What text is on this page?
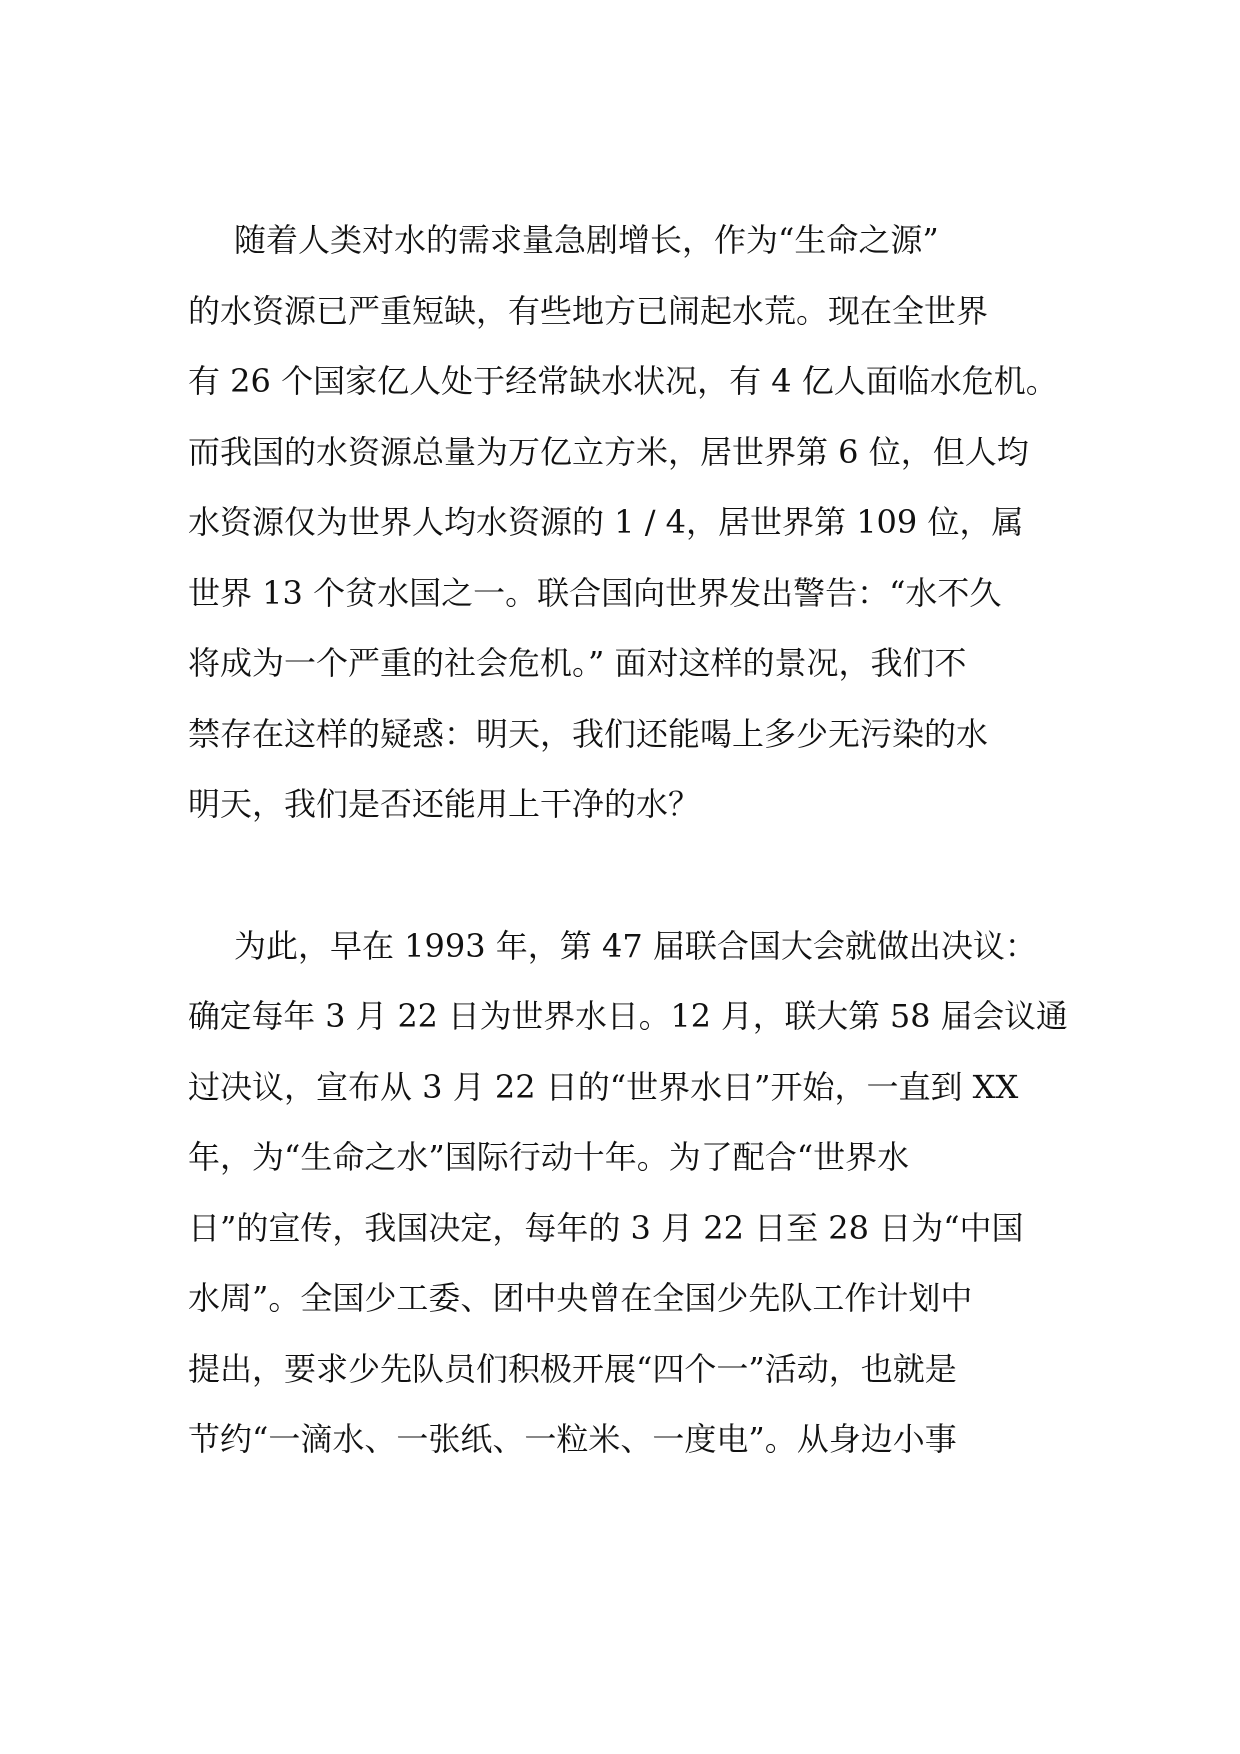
随着人类对水的需求量急剧增长，作为“生命之源”
的水资源已严重短缺，有些地方已闹起水荒。现在全世界
有 26 个国家亿人处于经常缺水状况，有 4 亿人面临水危机。
而我国的水资源总量为万亿立方米，居世界第 6 位，但人均
水资源仅为世界人均水资源的 1 / 4，居世界第 109 位，属
世界 13 个贫水国之一。联合国向世界发出警告：“水不久
将成为一个严重的社会危机。” 面对这样的景况，我们不
禁存在这样的疑惑：明天，我们还能喝上多少无污染的水
明天，我们是否还能用上干净的水？
为此，早在 1993 年，第 47 届联合国大会就做出决议：
确定每年 3 月 22 日为世界水日。12 月，联大第 58 届会议通
过决议，宣布从 3 月 22 日的“世界水日”开始，一直到 XX
年，为“生命之水”国际行动十年。为了配合“世界水
日”的宣传，我国决定，每年的 3 月 22 日至 28 日为“中国
水周”。全国少工委、团中央曾在全国少先队工作计划中
提出，要求少先队员们积极开展“四个一”活动，也就是
节约“一滴水、一张纸、一粒米、一度电”。从身边小事
